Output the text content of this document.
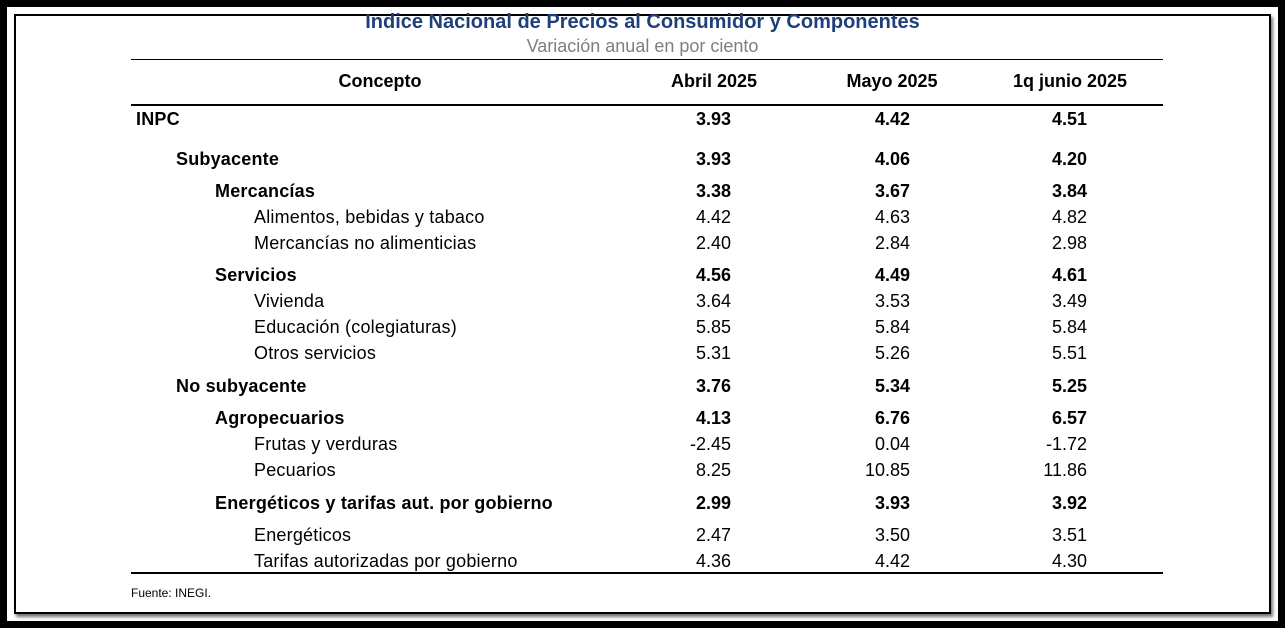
Indice Nacional de Precios al Consumidor y Componentes
Variación anual en por ciento
Concepto	Abril 2025	Mayo 2025	1q junio 2025
INPC	3.93	4.42	4.51
Subyacente	3.93	4.06	4.20
Mercancías	3.38	3.67	3.84
Alimentos, bebidas y tabaco	4.42	4.63	4.82
Mercancías no alimenticias	2.40	2.84	2.98
Servicios	4.56	4.49	4.61
Vivienda	3.64	3.53	3.49
Educación (colegiaturas)	5.85	5.84	5.84
Otros servicios	5.31	5.26	5.51
No subyacente	3.76	5.34	5.25
Agropecuarios	4.13	6.76	6.57
Frutas y verduras	-2.45	0.04	-1.72
Pecuarios	8.25	10.85	11.86
Energéticos y tarifas aut. por gobierno	2.99	3.93	3.92
Energéticos	2.47	3.50	3.51
Tarifas autorizadas por gobierno	4.36	4.42	4.30
Fuente: INEGI.
